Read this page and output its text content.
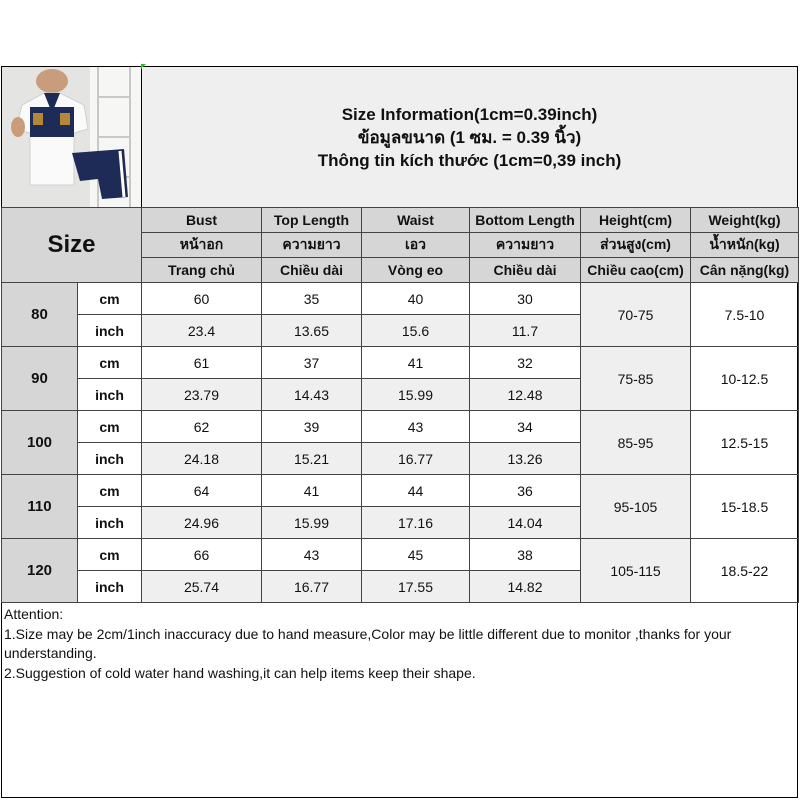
Size Information(1cm=0.39inch)
ข้อมูลขนาด (1 ซม. = 0.39 นิ้ว)
Thông tin kích thước (1cm=0,39 inch)
Size		Bust	Top Length	Waist	Bottom Length	Height(cm)	Weight(kg)
		หน้าอก	ความยาว	เอว	ความยาว	ส่วนสูง(cm)	น้ำหนัก(kg)
		Trang chủ	Chiều dài	Vòng eo	Chiều dài	Chiều cao(cm)	Cân nặng(kg)
80	cm	60	35	40	30	70-75	7.5-10
	inch	23.4	13.65	15.6	11.7		
90	cm	61	37	41	32	75-85	10-12.5
	inch	23.79	14.43	15.99	12.48		
100	cm	62	39	43	34	85-95	12.5-15
	inch	24.18	15.21	16.77	13.26		
110	cm	64	41	44	36	95-105	15-18.5
	inch	24.96	15.99	17.16	14.04		
120	cm	66	43	45	38	105-115	18.5-22
	inch	25.74	16.77	17.55	14.82		
Attention:
1.Size may be 2cm/1inch inaccuracy due to hand measure,Color may be little different due to monitor ,thanks for your
understanding.
2.Suggestion of cold water hand washing,it can help items keep their shape.
